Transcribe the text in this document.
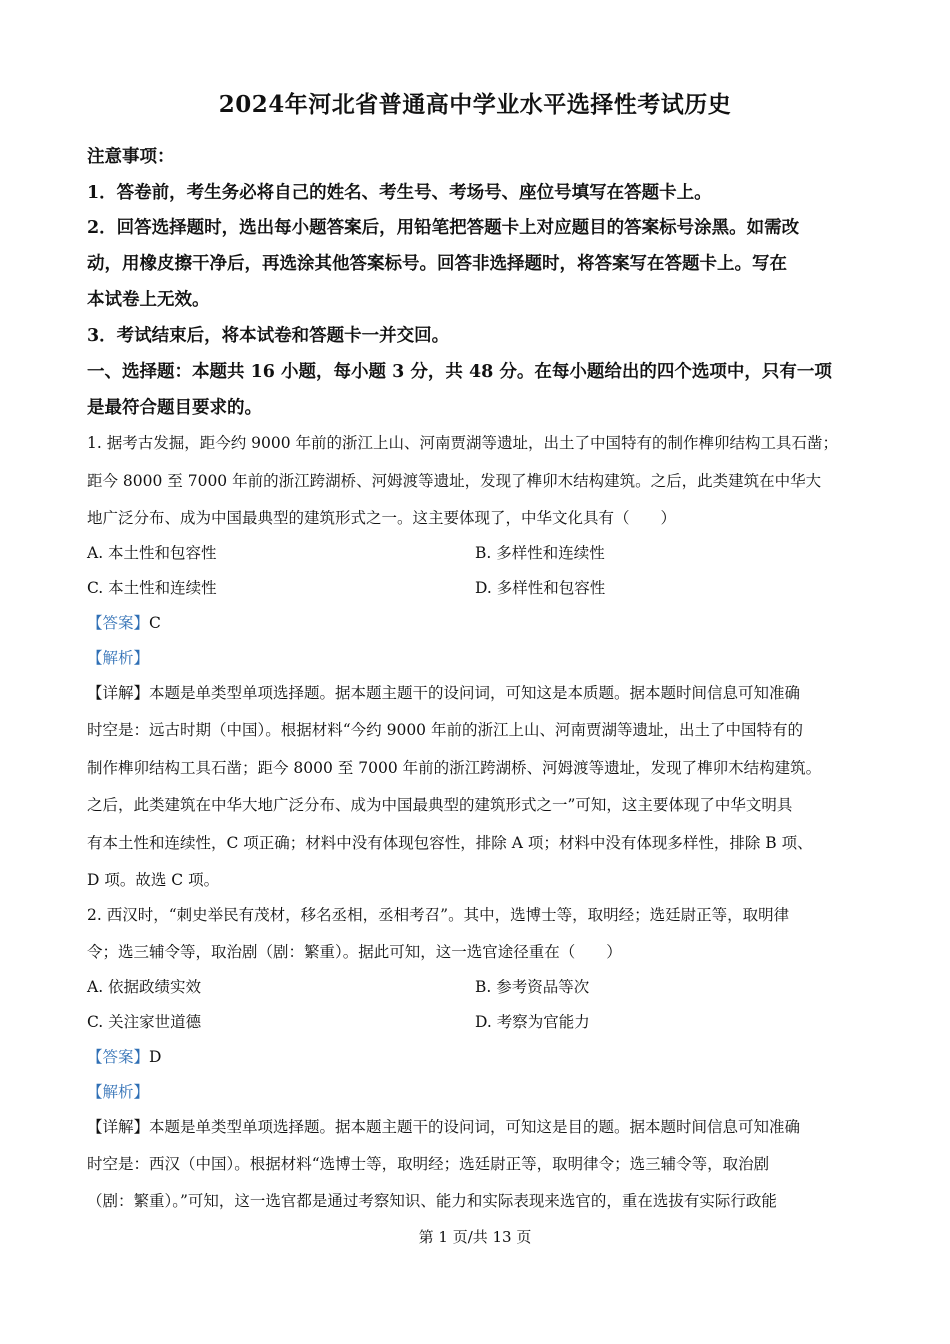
2024年河北省普通高中学业水平选择性考试历史
注意事项：
1．答卷前，考生务必将自己的姓名、考生号、考场号、座位号填写在答题卡上。
2．回答选择题时，选出每小题答案后，用铅笔把答题卡上对应题目的答案标号涂黑。如需改
动，用橡皮擦干净后，再选涂其他答案标号。回答非选择题时，将答案写在答题卡上。写在
本试卷上无效。
3．考试结束后，将本试卷和答题卡一并交回。
一、选择题：本题共 16 小题，每小题 3 分，共 48 分。在每小题给出的四个选项中，只有一项
是最符合题目要求的。
1. 据考古发掘，距今约 9000 年前的浙江上山、河南贾湖等遗址，出土了中国特有的制作榫卯结构工具石凿；
距今 8000 至 7000 年前的浙江跨湖桥、河姆渡等遗址，发现了榫卯木结构建筑。之后，此类建筑在中华大
地广泛分布、成为中国最典型的建筑形式之一。这主要体现了，中华文化具有（　　）
A. 本土性和包容性	B. 多样性和连续性
C. 本土性和连续性	D. 多样性和包容性
【答案】C
【解析】
【详解】本题是单类型单项选择题。据本题主题干的设问词，可知这是本质题。据本题时间信息可知准确
时空是：远古时期（中国）。根据材料“今约 9000 年前的浙江上山、河南贾湖等遗址，出土了中国特有的
制作榫卯结构工具石凿；距今 8000 至 7000 年前的浙江跨湖桥、河姆渡等遗址，发现了榫卯木结构建筑。
之后，此类建筑在中华大地广泛分布、成为中国最典型的建筑形式之一”可知，这主要体现了中华文明具
有本土性和连续性，C 项正确；材料中没有体现包容性，排除 A 项；材料中没有体现多样性，排除 B 项、
D 项。故选 C 项。
2. 西汉时，“刺史举民有茂材，移名丞相，丞相考召”。其中，选博士等，取明经；选廷尉正等，取明律
令；选三辅令等，取治剧（剧：繁重）。据此可知，这一选官途径重在（　　）
A. 依据政绩实效	B. 参考资品等次
C. 关注家世道德	D. 考察为官能力
【答案】D
【解析】
【详解】本题是单类型单项选择题。据本题主题干的设问词，可知这是目的题。据本题时间信息可知准确
时空是：西汉（中国）。根据材料“选博士等，取明经；选廷尉正等，取明律令；选三辅令等，取治剧
（剧：繁重）。”可知，这一选官都是通过考察知识、能力和实际表现来选官的，重在选拔有实际行政能
第 1 页/共 13 页
